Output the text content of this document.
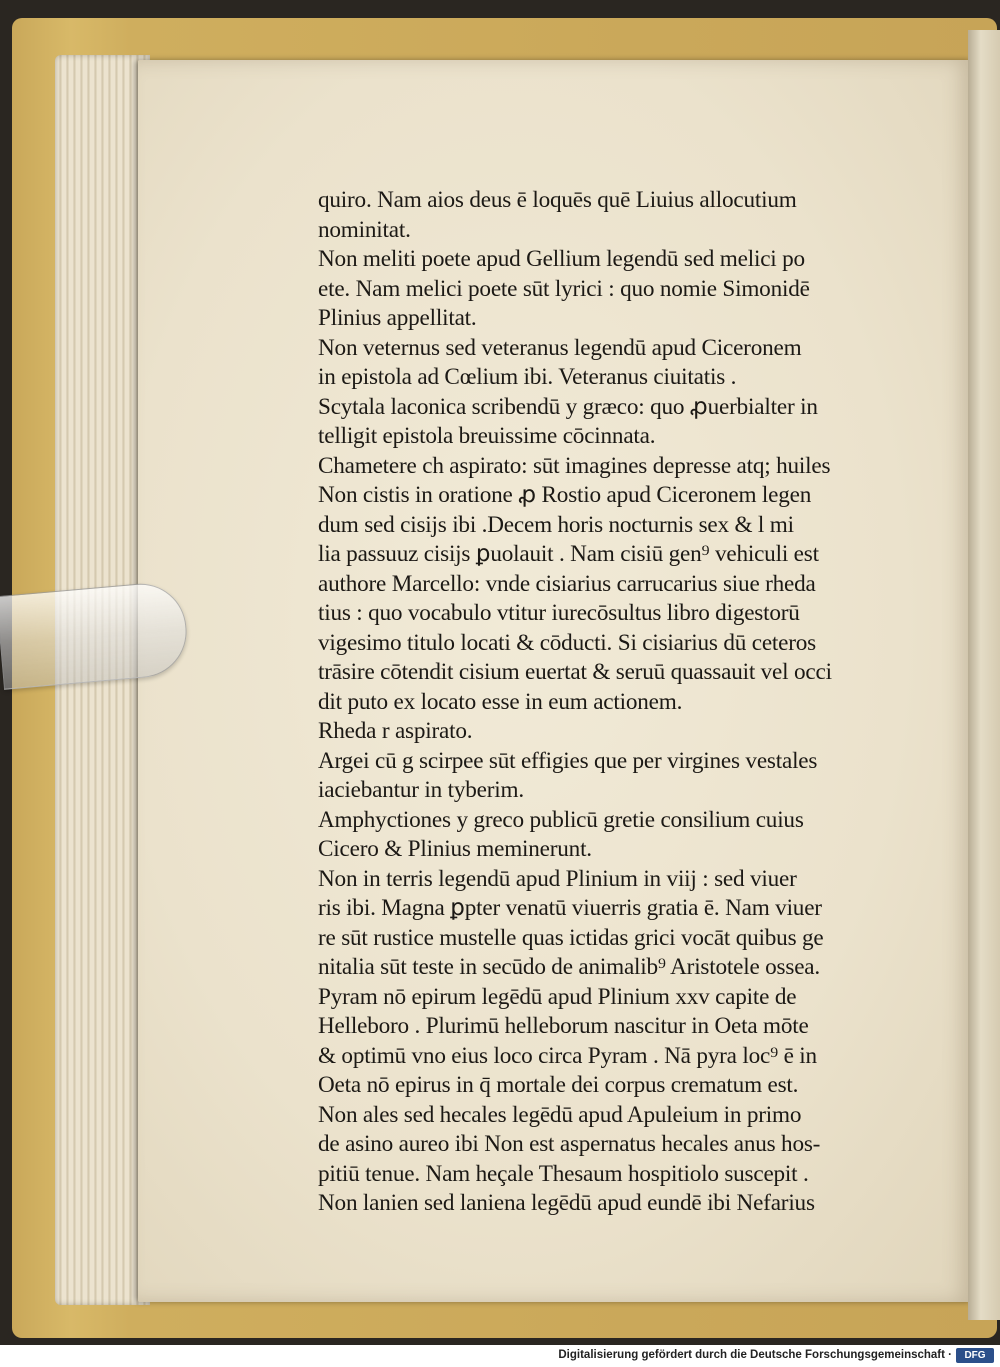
quiro. Nam aios deus ē loquēs quē Liuius allocutium
nominitat.
Non meliti poete apud Gellium legendū sed melici po
ete. Nam melici poete sūt lyrici : quo nomie Simonidē
Plinius appellitat.
Non veternus sed veteranus legendū apud Ciceronem
in epistola ad Cœlium ibi. Veteranus ciuitatis .
Scytala laconica scribendū y græco: quo ꝓuerbialter in
telligit epistola breuissime cōcinnata.
Chametere ch aspirato: sūt imagines depresse atq; huiles
Non cistis in oratione ꝓ Rostio apud Ciceronem legen
dum sed cisijs ibi .Decem horis nocturnis sex & l mi
lia passuuz cisijs ꝑuolauit . Nam cisiū gen⁹ vehiculi est
authore Marcello: vnde cisiarius carrucarius siue rheda
tius : quo vocabulo vtitur iurecōsultus libro digestorū
vigesimo titulo locati & cōducti. Si cisiarius dū ceteros
trāsire cōtendit cisium euertat & seruū quassauit vel occi
dit puto ex locato esse in eum actionem.
Rheda r aspirato.
Argei cū g scirpee sūt effigies que per virgines vestales
iaciebantur in tyberim.
Amphyctiones y greco publicū gretie consilium cuius
Cicero & Plinius meminerunt.
Non in terris legendū apud Plinium in viij : sed viuer
ris ibi. Magna ꝑpter venatū viuerris gratia ē. Nam viuer
re sūt rustice mustelle quas ictidas grici vocāt quibus ge
nitalia sūt teste in secūdo de animalib⁹ Aristotele ossea.
Pyram nō epirum legēdū apud Plinium xxv capite de
Helleboro . Plurimū helleborum nascitur in Oeta mōte
& optimū vno eius loco circa Pyram . Nā pyra loc⁹ ē in
Oeta nō epirus in q̄ mortale dei corpus crematum est.
Non ales sed hecales legēdū apud Apuleium in primo
de asino aureo ibi Non est aspernatus hecales anus hos-
pitiū tenue. Nam heçale Thesaum hospitiolo suscepit .
Non lanien sed laniena legēdū apud eundē ibi Nefarius
Digitalisierung gefördert durch die Deutsche Forschungsgemeinschaft ·	DFG
